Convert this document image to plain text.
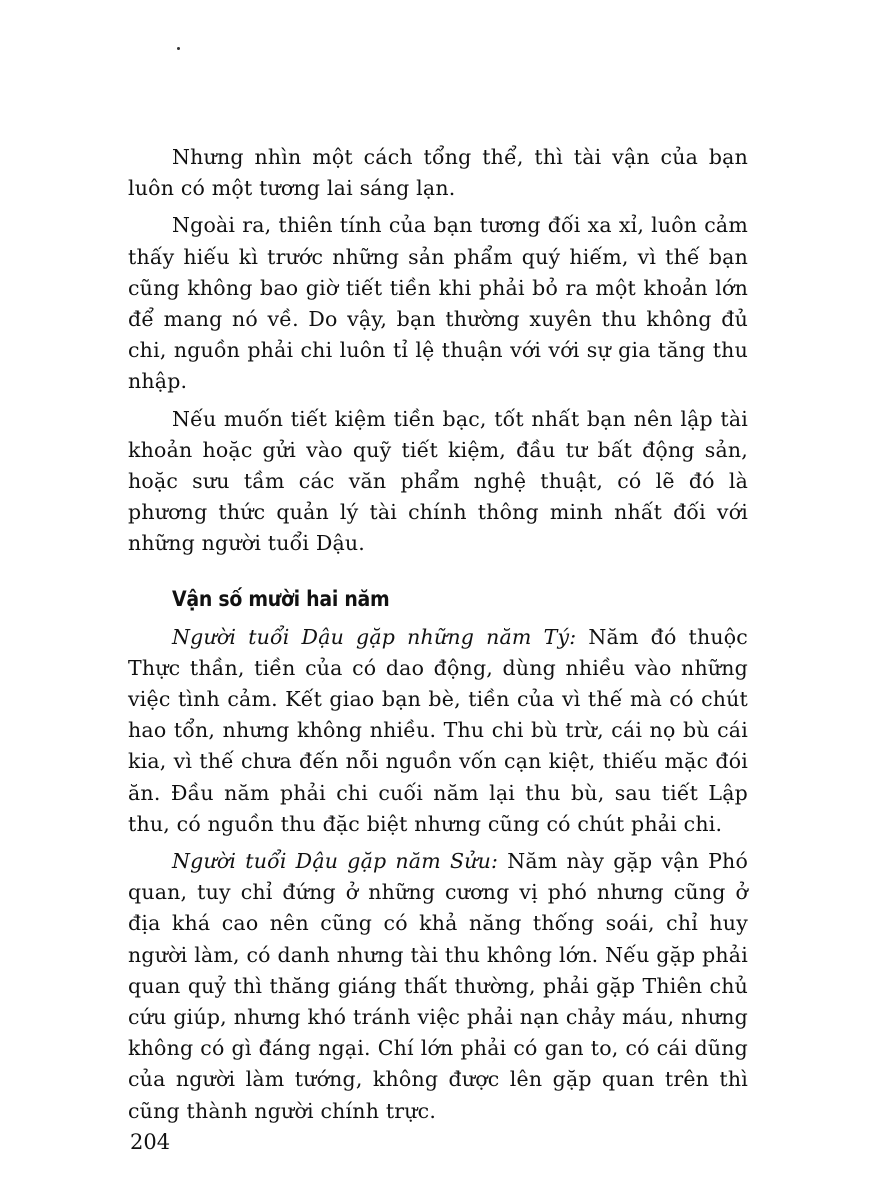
Nhưng nhìn một cách tổng thể, thì tài vận của bạn luôn có một tương lai sáng lạn.

Ngoài ra, thiên tính của bạn tương đối xa xỉ, luôn cảm thấy hiếu kì trước những sản phẩm quý hiếm, vì thế bạn cũng không bao giờ tiết tiền khi phải bỏ ra một khoản lớn để mang nó về. Do vậy, bạn thường xuyên thu không đủ chi, nguồn phải chi luôn tỉ lệ thuận với với sự gia tăng thu nhập.

Nếu muốn tiết kiệm tiền bạc, tốt nhất bạn nên lập tài khoản hoặc gửi vào quỹ tiết kiệm, đầu tư bất động sản, hoặc sưu tầm các văn phẩm nghệ thuật, có lẽ đó là phương thức quản lý tài chính thông minh nhất đối với những người tuổi Dậu.

Vận số mười hai năm

Người tuổi Dậu gặp những năm Tý: Năm đó thuộc Thực thần, tiền của có dao động, dùng nhiều vào những việc tình cảm. Kết giao bạn bè, tiền của vì thế mà có chút hao tổn, nhưng không nhiều. Thu chi bù trừ, cái nọ bù cái kia, vì thế chưa đến nỗi nguồn vốn cạn kiệt, thiếu mặc đói ăn. Đầu năm phải chi cuối năm lại thu bù, sau tiết Lập thu, có nguồn thu đặc biệt nhưng cũng có chút phải chi.

Người tuổi Dậu gặp năm Sửu: Năm này gặp vận Phó quan, tuy chỉ đứng ở những cương vị phó nhưng cũng ở địa khá cao nên cũng có khả năng thống soái, chỉ huy người làm, có danh nhưng tài thu không lớn. Nếu gặp phải quan quỷ thì thăng giáng thất thường, phải gặp Thiên chủ cứu giúp, nhưng khó tránh việc phải nạn chảy máu, nhưng không có gì đáng ngại. Chí lớn phải có gan to, có cái dũng của người làm tướng, không được lên gặp quan trên thì cũng thành người chính trực.

204
